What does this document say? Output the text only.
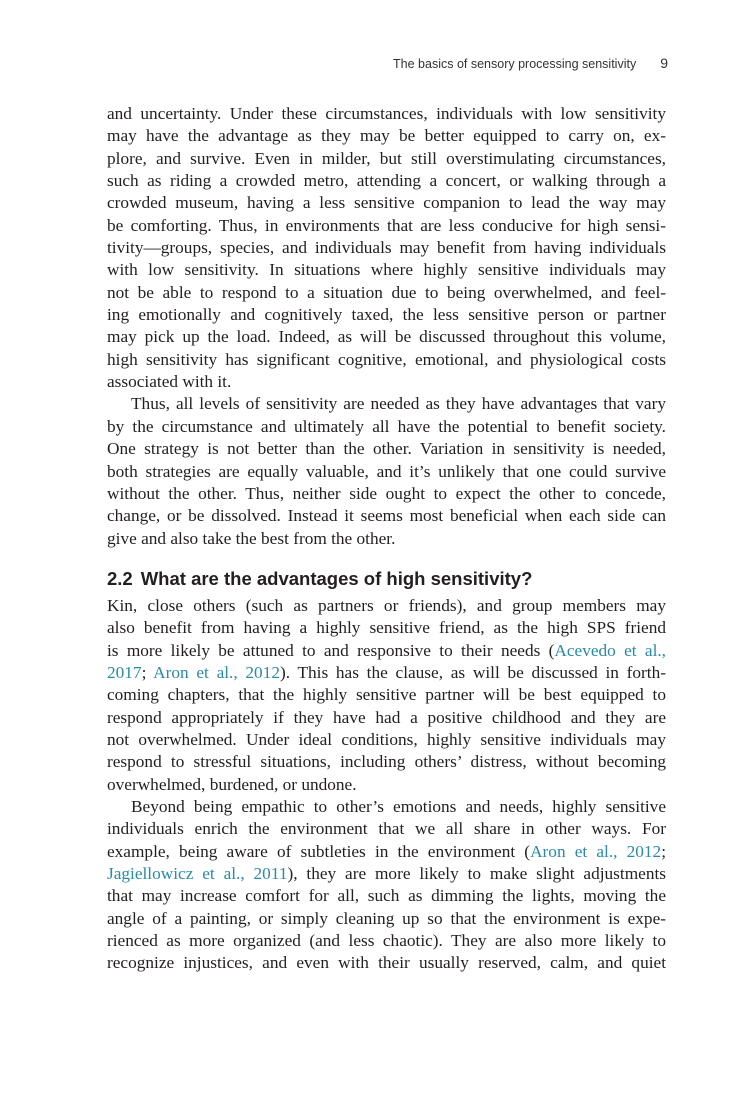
The basics of sensory processing sensitivity 9
and uncertainty. Under these circumstances, individuals with low sensitivity
may have the advantage as they may be better equipped to carry on, ex-
plore, and survive. Even in milder, but still overstimulating circumstances,
such as riding a crowded metro, attending a concert, or walking through a
crowded museum, having a less sensitive companion to lead the way may
be comforting. Thus, in environments that are less conducive for high sensi-
tivity—groups, species, and individuals may benefit from having individuals
with low sensitivity. In situations where highly sensitive individuals may
not be able to respond to a situation due to being overwhelmed, and feel-
ing emotionally and cognitively taxed, the less sensitive person or partner
may pick up the load. Indeed, as will be discussed throughout this volume,
high sensitivity has significant cognitive, emotional, and physiological costs
associated with it.
Thus, all levels of sensitivity are needed as they have advantages that vary
by the circumstance and ultimately all have the potential to benefit society.
One strategy is not better than the other. Variation in sensitivity is needed,
both strategies are equally valuable, and it’s unlikely that one could survive
without the other. Thus, neither side ought to expect the other to concede,
change, or be dissolved. Instead it seems most beneficial when each side can
give and also take the best from the other.
2.2 What are the advantages of high sensitivity?
Kin, close others (such as partners or friends), and group members may
also benefit from having a highly sensitive friend, as the high SPS friend
is more likely be attuned to and responsive to their needs (Acevedo et al.,
2017; Aron et al., 2012). This has the clause, as will be discussed in forth-
coming chapters, that the highly sensitive partner will be best equipped to
respond appropriately if they have had a positive childhood and they are
not overwhelmed. Under ideal conditions, highly sensitive individuals may
respond to stressful situations, including others’ distress, without becoming
overwhelmed, burdened, or undone.
Beyond being empathic to other’s emotions and needs, highly sensitive
individuals enrich the environment that we all share in other ways. For
example, being aware of subtleties in the environment (Aron et al., 2012;
Jagiellowicz et al., 2011), they are more likely to make slight adjustments
that may increase comfort for all, such as dimming the lights, moving the
angle of a painting, or simply cleaning up so that the environment is expe-
rienced as more organized (and less chaotic). They are also more likely to
recognize injustices, and even with their usually reserved, calm, and quiet
